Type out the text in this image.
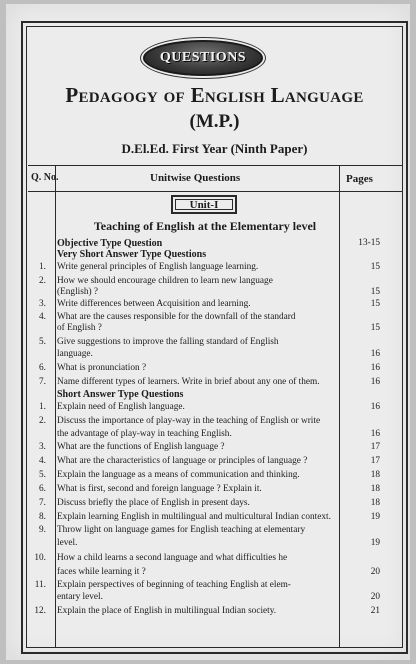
QUESTIONS
Pedagogy of English Language
(M.P.)
D.El.Ed. First Year (Ninth Paper)
Q. No.	Unitwise Questions	Pages
Unit-I
Teaching of English at the Elementary level
Objective Type Question	13-15
Very Short Answer Type Questions
1. Write general principles of English language learning.	15
2. How we should encourage children to learn new language
(English) ?	15
3. Write differences between Acquisition and learning.	15
4. What are the causes responsible for the downfall of the standard
of English ?	15
5. Give suggestions to improve the falling standard of English
language.	16
6. What is pronunciation ?	16
7. Name different types of learners. Write in brief about any one of them.	16
Short Answer Type Questions
1. Explain need of English language.	16
2. Discuss the importance of play-way in the teaching of English or write
the advantage of play-way in teaching English.	16
3. What are the functions of English language ?	17
4. What are the characteristics of language or principles of language ?	17
5. Explain the language as a means of communication and thinking.	18
6. What is first, second and foreign language ? Explain it.	18
7. Discuss briefly the place of English in present days.	18
8. Explain learning English in multilingual and multicultural Indian context.	19
9. Throw light on language games for English teaching at elementary
level.	19
10. How a child learns a second language and what difficulties he
faces while learning it ?	20
11. Explain perspectives of beginning of teaching English at elem-
entary level.	20
12. Explain the place of English in multilingual Indian society.	21
